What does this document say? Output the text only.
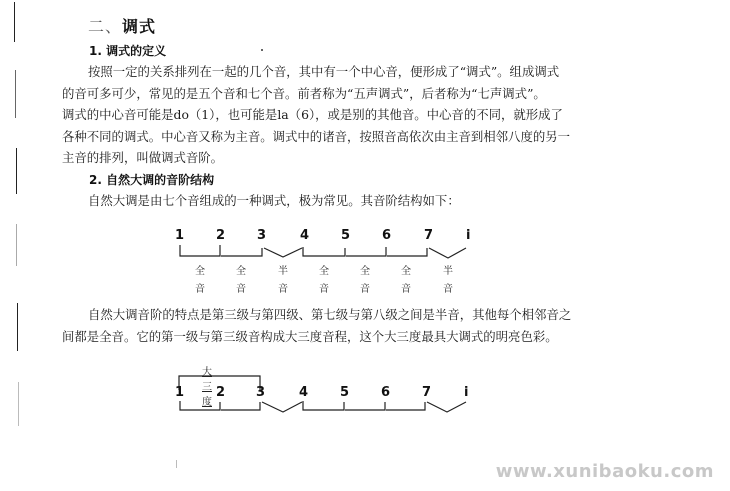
二、调式
1. 调式的定义

按照一定的关系排列在一起的几个音，其中有一个中心音，便形成了“调式”。组成调式

的音可多可少，常见的是五个音和七个音。前者称为“五声调式”，后者称为“七声调式”。

调式的中心音可能是do（1），也可能是la（6），或是别的其他音。中心音的不同，就形成了

各种不同的调式。中心音又称为主音。调式中的诸音，按照音高依次由主音到相邻八度的另一

主音的排列，叫做调式音阶。

2. 自然大调的音阶结构

自然大调是由七个音组成的一种调式，极为常见。其音阶结构如下：

1 2 3	4 5 6	7	i
全
音
全
音
半
音
全
音
全
音
全
音
半
音

自然大调音阶的特点是第三级与第四级、第七级与第八级之间是半音，其他每个相邻音之

间都是全音。它的第一级与第三级音构成大三度音程，这个大三度最具大调式的明亮色彩。

大三度
1 2 3	4 5 6 7	i
www.xunibaoku.com
